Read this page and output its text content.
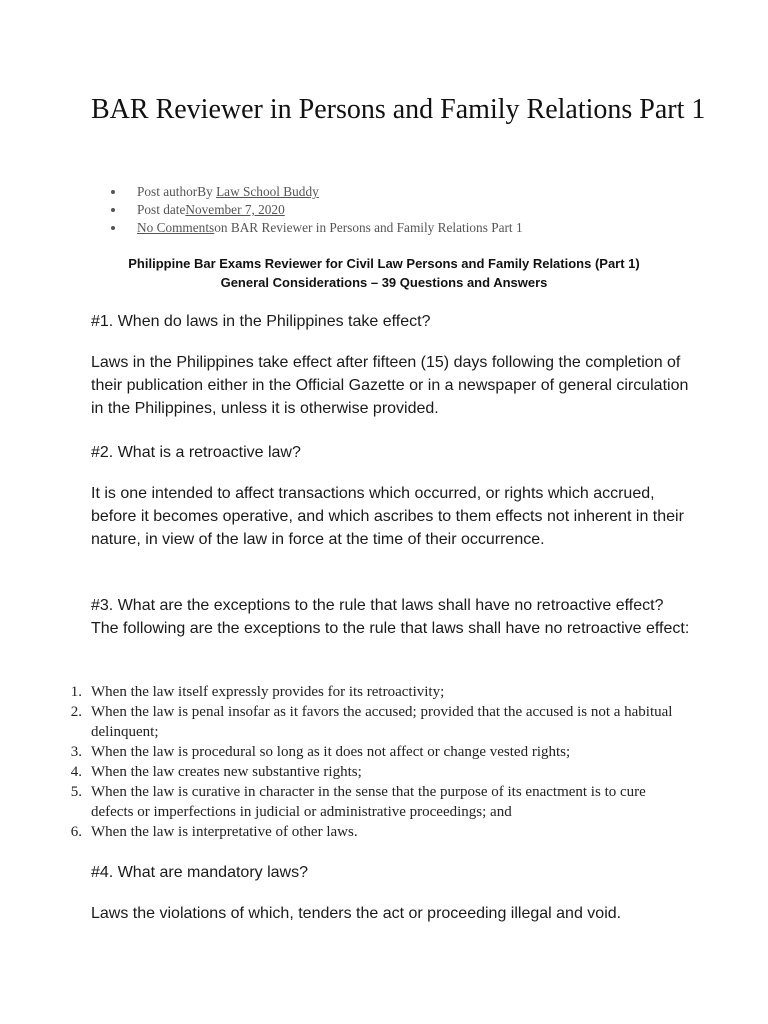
BAR Reviewer in Persons and Family Relations Part 1
Post authorBy Law School Buddy
Post dateNovember 7, 2020
No Commentson BAR Reviewer in Persons and Family Relations Part 1
Philippine Bar Exams Reviewer for Civil Law Persons and Family Relations (Part 1)
General Considerations – 39 Questions and Answers

#1. When do laws in the Philippines take effect?

Laws in the Philippines take effect after fifteen (15) days following the completion of their publication either in the Official Gazette or in a newspaper of general circulation in the Philippines, unless it is otherwise provided.

#2. What is a retroactive law?

It is one intended to affect transactions which occurred, or rights which accrued, before it becomes operative, and which ascribes to them effects not inherent in their nature, in view of the law in force at the time of their occurrence.

#3. What are the exceptions to the rule that laws shall have no retroactive effect? The following are the exceptions to the rule that laws shall have no retroactive effect:

1. When the law itself expressly provides for its retroactivity;
2. When the law is penal insofar as it favors the accused; provided that the accused is not a habitual delinquent;
3. When the law is procedural so long as it does not affect or change vested rights;
4. When the law creates new substantive rights;
5. When the law is curative in character in the sense that the purpose of its enactment is to cure defects or imperfections in judicial or administrative proceedings; and
6. When the law is interpretative of other laws.

#4. What are mandatory laws?

Laws the violations of which, tenders the act or proceeding illegal and void.
